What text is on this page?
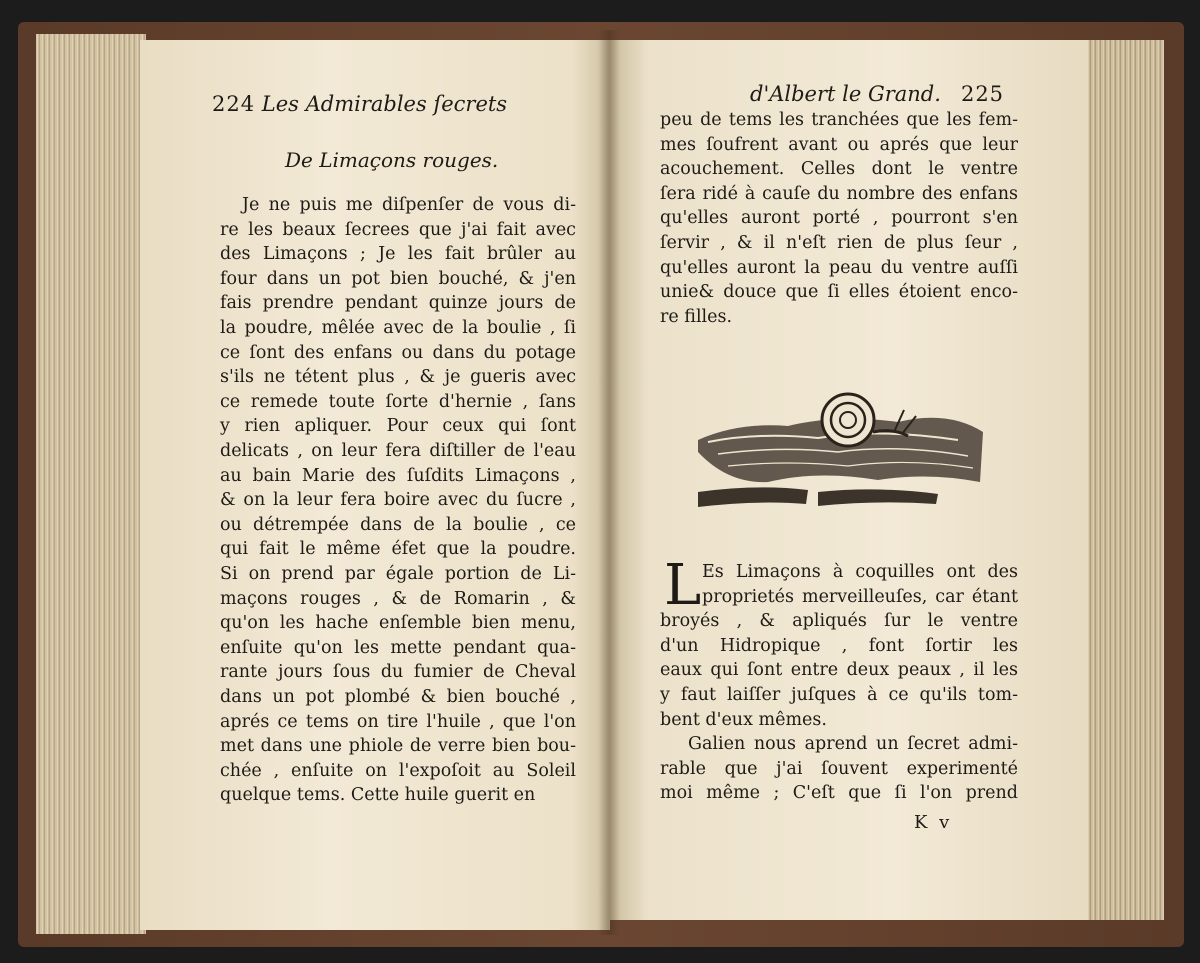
224 Les Admirables ſecrets
De Limaçons rouges.
Je ne puis me diſpenſer de vous di-
re les beaux ſecrees que j'ai fait avec
des Limaçons ; Je les fait brûler au
four dans un pot bien bouché, & j'en
fais prendre pendant quinze jours de
la poudre, mêlée avec de la boulie , ſi
ce ſont des enfans ou dans du potage
s'ils ne tétent plus , & je gueris avec
ce remede toute ſorte d'hernie , ſans
y rien apliquer. Pour ceux qui ſont
delicats , on leur fera diſtiller de l'eau
au bain Marie des ſuſdits Limaçons ,
& on la leur fera boire avec du ſucre ,
ou détrempée dans de la boulie , ce
qui fait le même éfet que la poudre.
Si on prend par égale portion de Li-
maçons rouges , & de Romarin , &
qu'on les hache enſemble bien menu,
enſuite qu'on les mette pendant qua-
rante jours ſous du fumier de Cheval
dans un pot plombé & bien bouché ,
aprés ce tems on tire l'huile , que l'on
met dans une phiole de verre bien bou-
chée , enſuite on l'expoſoit au Soleil
quelque tems. Cette huile guerit en
d'Albert le Grand. 225
peu de tems les tranchées que les fem-
mes ſoufrent avant ou aprés que leur
acouchement. Celles dont le ventre
ſera ridé à cauſe du nombre des enfans
qu'elles auront porté , pourront s'en
ſervir , & il n'eſt rien de plus ſeur ,
qu'elles auront la peau du ventre auſſi
unie& douce que ſi elles étoient enco-
re filles.
L Es Limaçons à coquilles ont des
proprietés merveilleuſes, car étant
broyés , & apliqués ſur le ventre
d'un Hidropique , font ſortir les
eaux qui ſont entre deux peaux , il les
y faut laiſſer juſques à ce qu'ils tom-
bent d'eux mêmes.
Galien nous aprend un ſecret admi-
rable que j'ai ſouvent experimenté
moi même ; C'eſt que ſi l'on prend
K v
